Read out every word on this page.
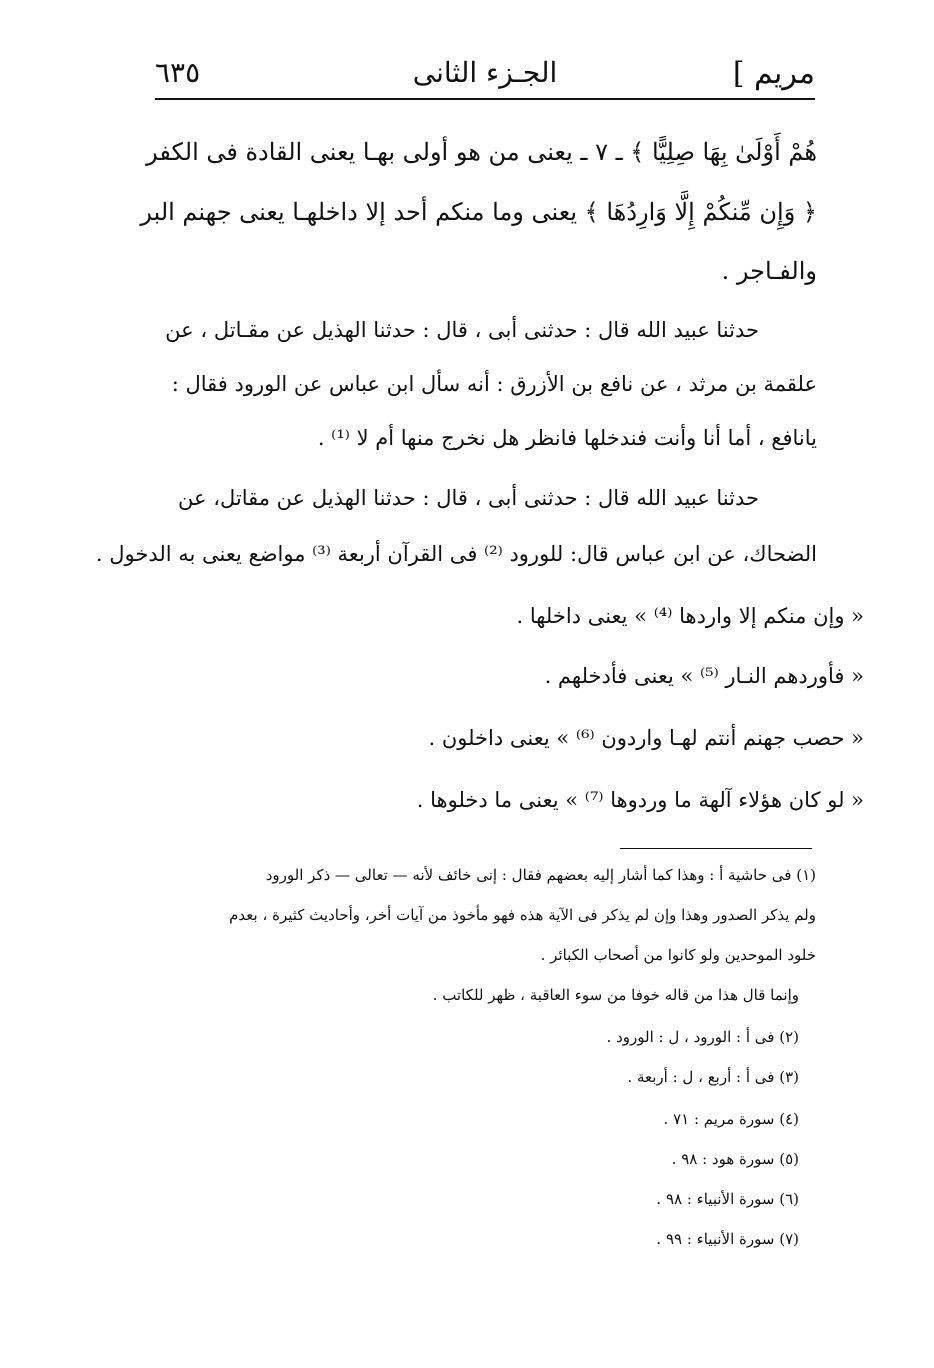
مريم ]
الجـزء الثانى
٦٣٥
هُمْ أَوْلَىٰ بِهَا صِلِيًّا ﴾ ـ ٧ ـ يعنى من هو أولى بهـا يعنى القادة فى الكفر
﴿ وَإِن مِّنكُمْ إِلَّا وَارِدُهَا ﴾ يعنى وما منكم أحد إلا داخلهـا يعنى جهنم البر
والفـاجر .
حدثنا عبيد الله قال : حدثنى أبى ، قال : حدثنا الهذيل عن مقـاتل ، عن
علقمة بن مرثد ، عن نافع بن الأزرق : أنه سأل ابن عباس عن الورود فقال :
يانافع ، أما أنا وأنت فندخلها فانظر هل نخرج منها أم لا ⁽¹⁾ .
حدثنا عبيد الله قال : حدثنى أبى ، قال : حدثنا الهذيل عن مقاتل، عن
الضحاك، عن ابن عباس قال: للورود ⁽²⁾ فى القرآن أربعة ⁽³⁾ مواضع يعنى به الدخول .
« وإن منكم إلا واردها ⁽⁴⁾ » يعنى داخلها .
« فأوردهم النـار ⁽⁵⁾ » يعنى فأدخلهم .
« حصب جهنم أنتم لهـا واردون ⁽⁶⁾ » يعنى داخلون .
« لو كان هؤلاء آلهة ما وردوها ⁽⁷⁾ » يعنى ما دخلوها .
(١) فى حاشية أ : وهذا كما أشار إليه بعضهم فقال : إنى خائف لأنه — تعالى — ذكر الورود
ولم يذكر الصدور وهذا وإن لم يذكر فى الآية هذه فهو مأخوذ من آيات أخر، وأحاديث كثيرة ، بعدم
خلود الموحدين ولو كانوا من أصحاب الكبائر .
وإنما قال هذا من قاله خوفا من سوء العاقبة ، ظهر للكاتب .
(٢) فى أ : الورود ، ل : الورود .
(٣) فى أ : أربع ، ل : أربعة .
(٤) سورة مريم : ٧١ .
(٥) سورة هود : ٩٨ .
(٦) سورة الأنبياء : ٩٨ .
(٧) سورة الأنبياء : ٩٩ .
